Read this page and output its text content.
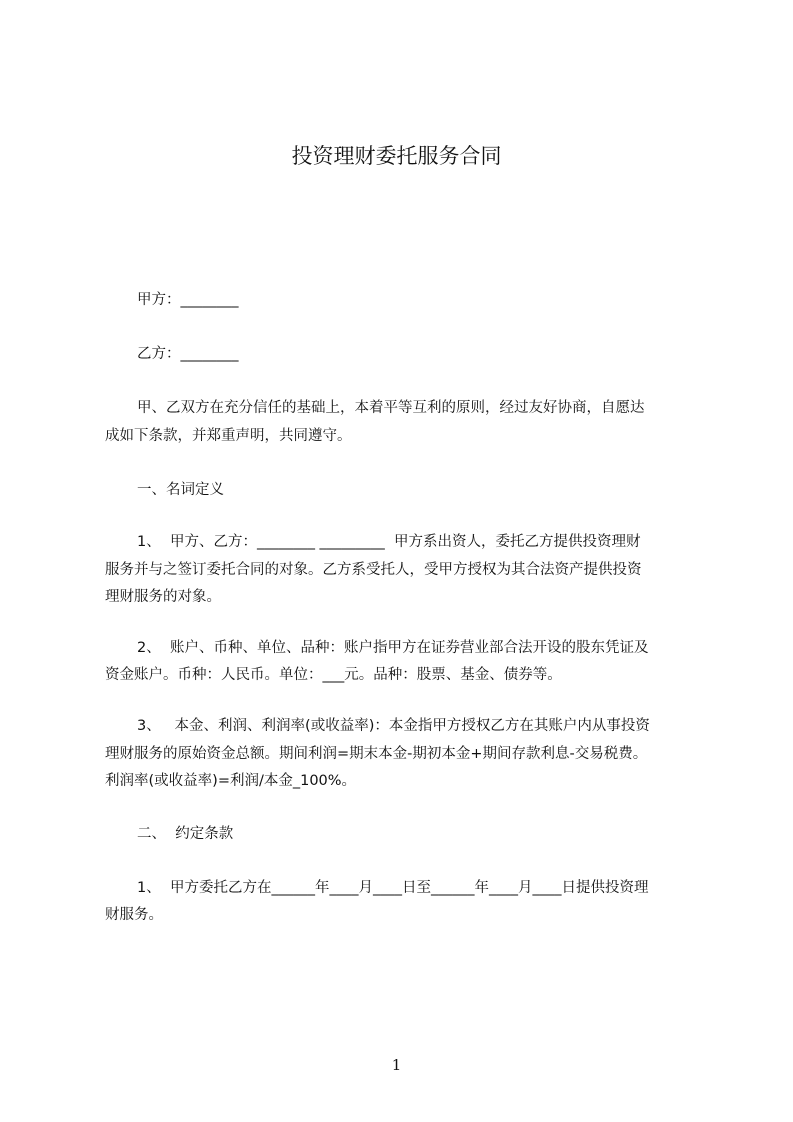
投资理财委托服务合同
甲方：________
乙方：________
甲、乙双方在充分信任的基础上，本着平等互利的原则，经过友好协商，自愿达
成如下条款，并郑重声明，共同遵守。
一、名词定义
1、  甲方、乙方：________ _________  甲方系出资人，委托乙方提供投资理财
服务并与之签订委托合同的对象。乙方系受托人，受甲方授权为其合法资产提供投资
理财服务的对象。
2、  账户、币种、单位、品种：账户指甲方在证券营业部合法开设的股东凭证及
资金账户。币种：人民币。单位：___元。品种：股票、基金、债券等。
3、   本金、利润、利润率(或收益率)：本金指甲方授权乙方在其账户内从事投资
理财服务的原始资金总额。期间利润=期末本金-期初本金+期间存款利息-交易税费。
利润率(或收益率)=利润/本金_100%。
二、  约定条款
1、  甲方委托乙方在______年____月____日至______年____月____日提供投资理
财服务。
1
